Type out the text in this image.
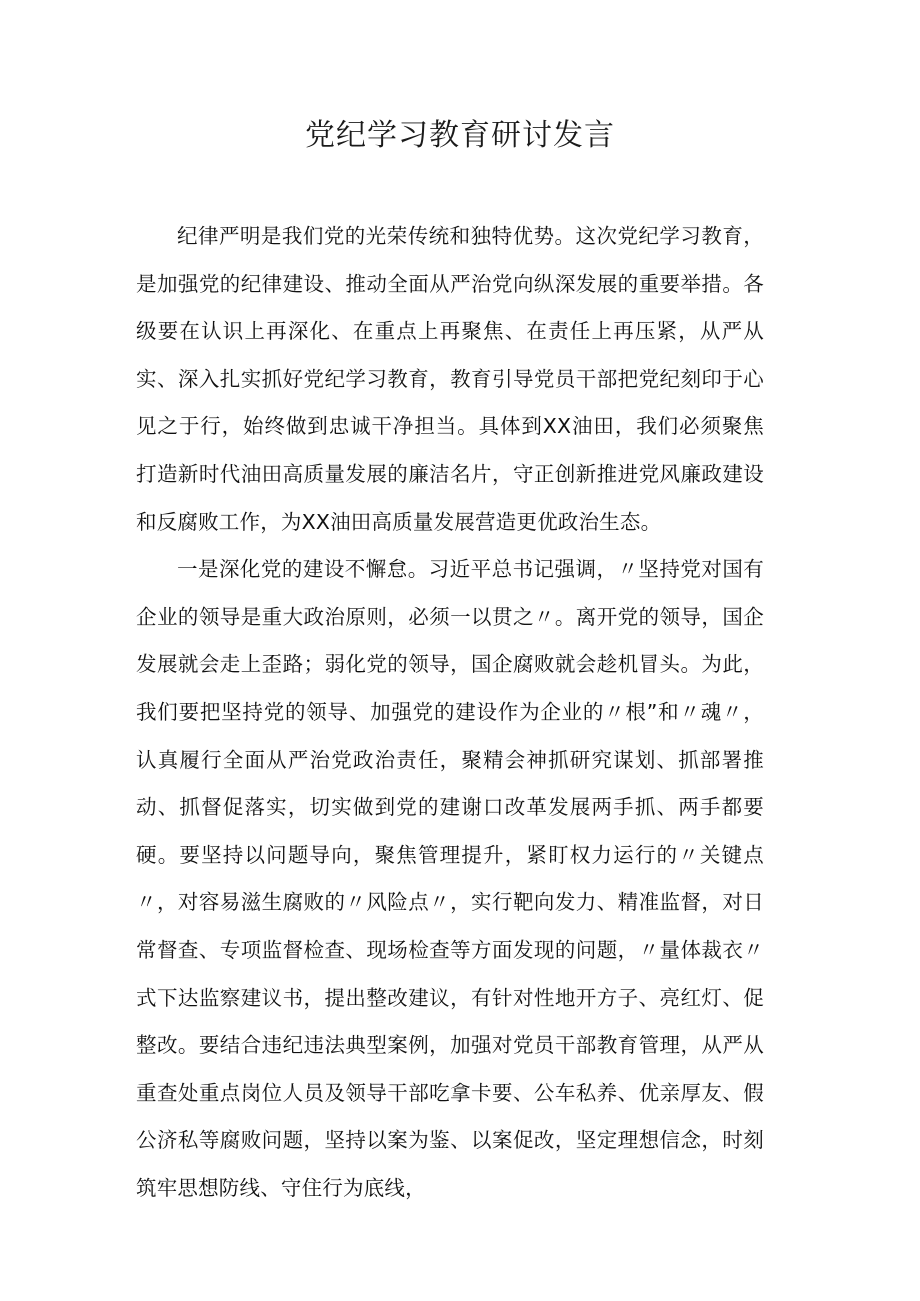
党纪学习教育研讨发言

纪律严明是我们党的光荣传统和独特优势。这次党纪学习教育，是加强党的纪律建设、推动全面从严治党向纵深发展的重要举措。各级要在认识上再深化、在重点上再聚焦、在责任上再压紧，从严从实、深入扎实抓好党纪学习教育，教育引导党员干部把党纪刻印于心见之于行，始终做到忠诚干净担当。具体到XX油田，我们必须聚焦打造新时代油田高质量发展的廉洁名片，守正创新推进党风廉政建设和反腐败工作，为XX油田高质量发展营造更优政治生态。

一是深化党的建设不懈怠。习近平总书记强调，〃坚持党对国有企业的领导是重大政治原则，必须一以贯之〃。离开党的领导，国企发展就会走上歪路；弱化党的领导，国企腐败就会趁机冒头。为此，我们要把坚持党的领导、加强党的建设作为企业的〃根”和〃魂〃，认真履行全面从严治党政治责任，聚精会神抓研究谋划、抓部署推动、抓督促落实，切实做到党的建谢口改革发展两手抓、两手都要硬。要坚持以问题导向，聚焦管理提升，紧盯权力运行的〃关键点〃，对容易滋生腐败的〃风险点〃，实行靶向发力、精准监督，对日常督查、专项监督检查、现场检查等方面发现的问题，〃量体裁衣〃式下达监察建议书，提出整改建议，有针对性地开方子、亮红灯、促整改。要结合违纪违法典型案例，加强对党员干部教育管理，从严从重查处重点岗位人员及领导干部吃拿卡要、公车私养、优亲厚友、假公济私等腐败问题，坚持以案为鉴、以案促改，坚定理想信念，时刻筑牢思想防线、守住行为底线，
